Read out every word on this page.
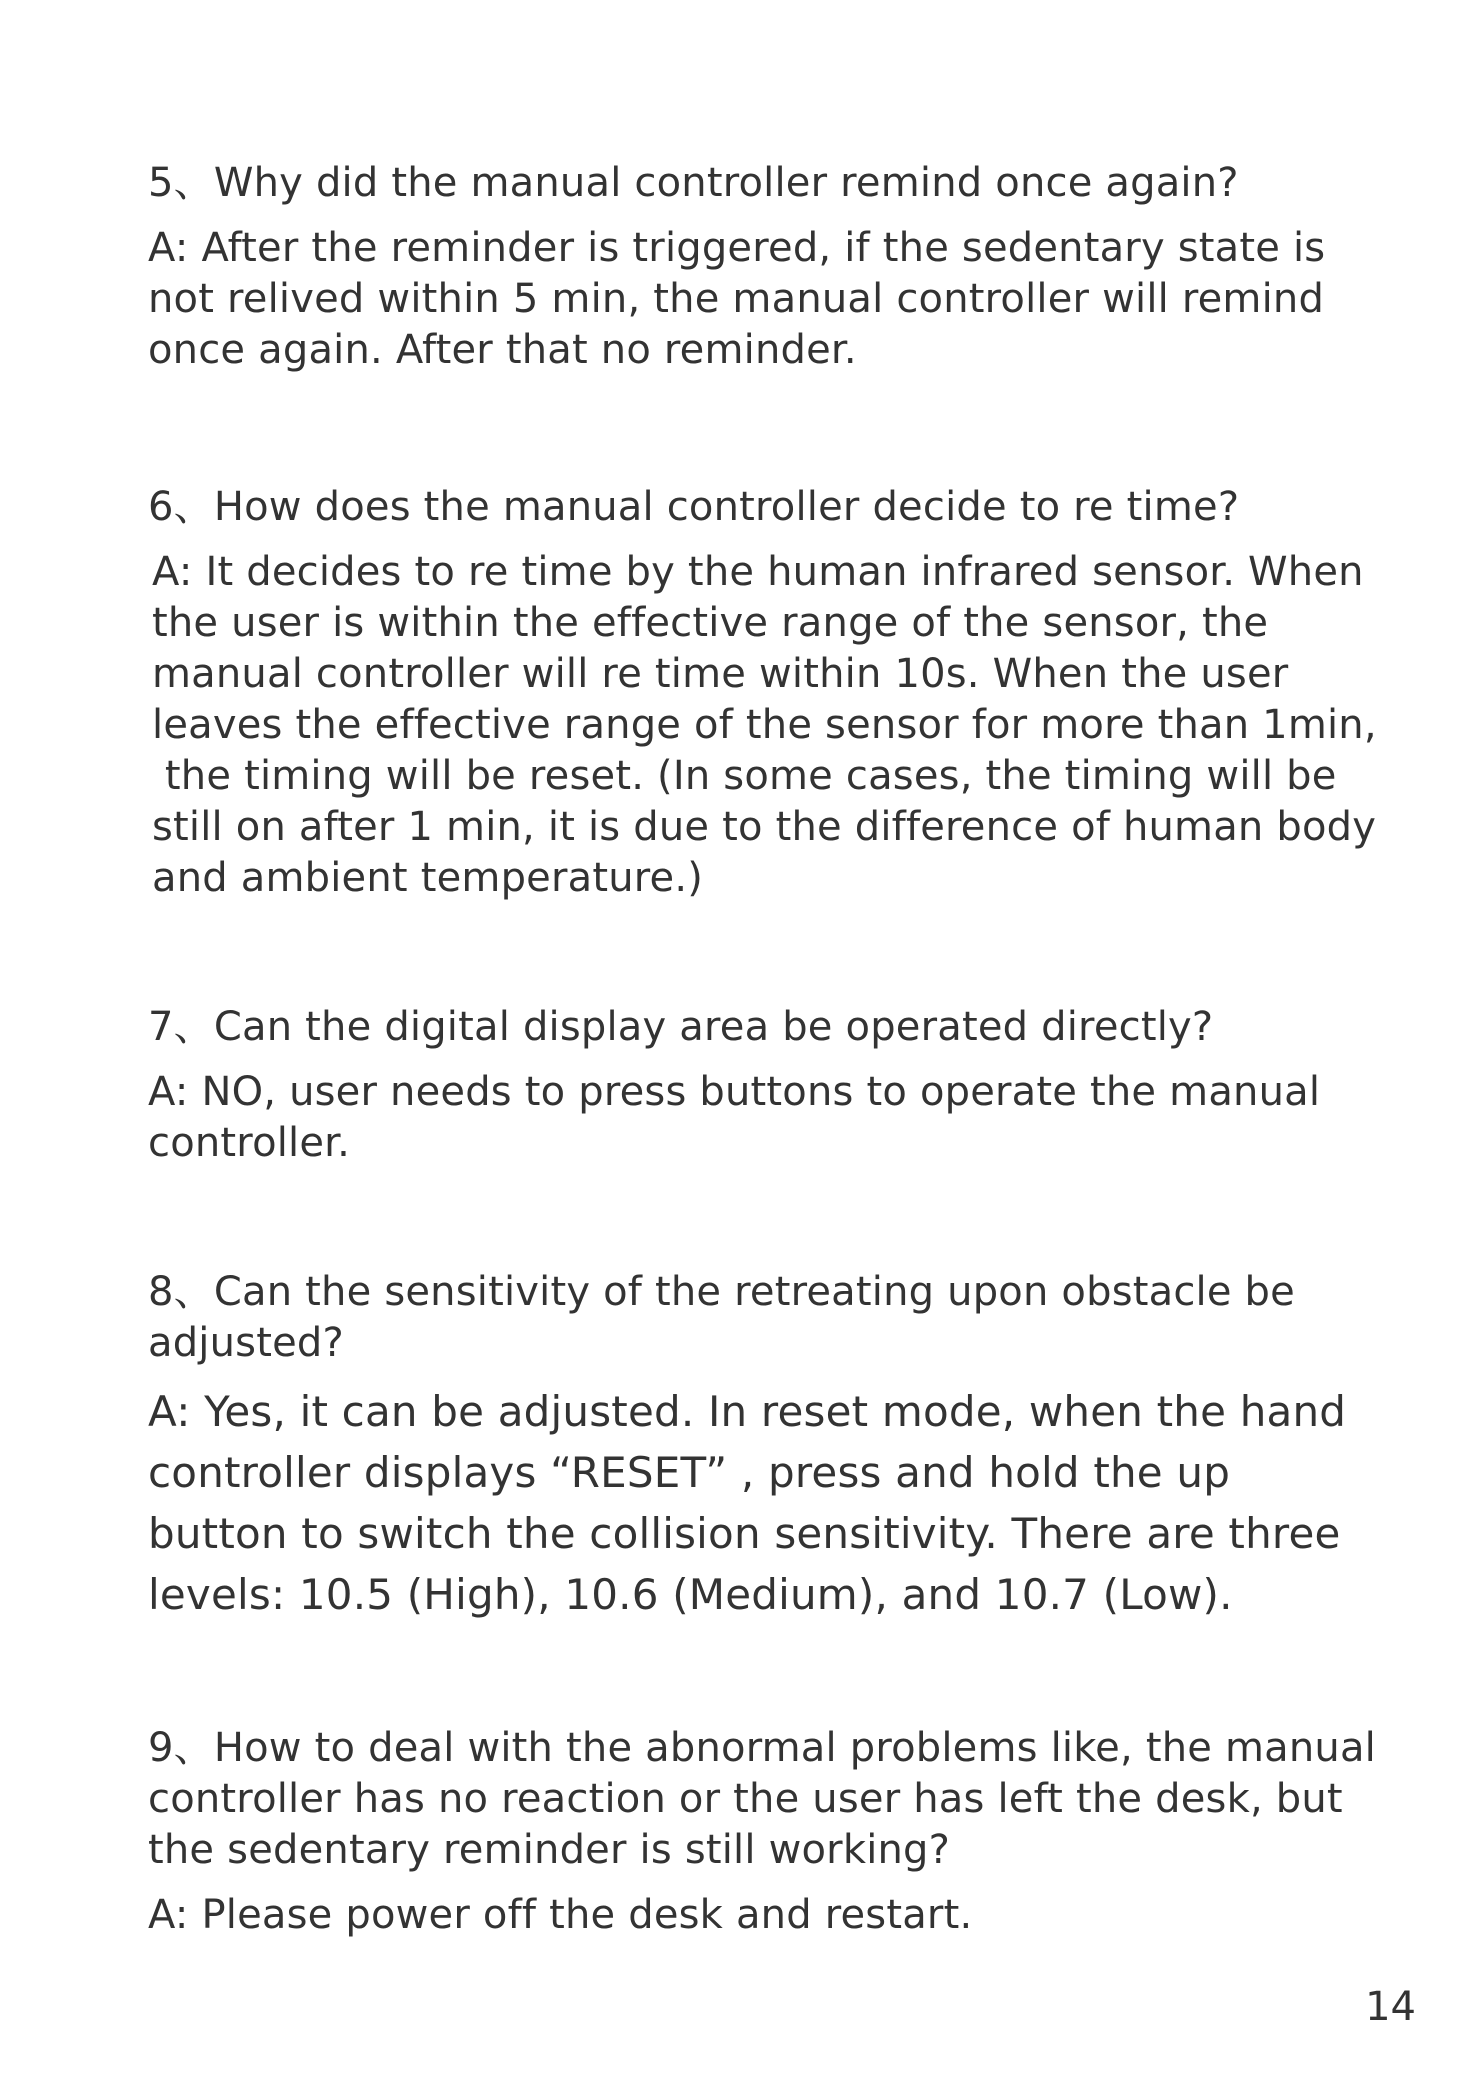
5、Why did the manual controller remind once again?

A: After the reminder is triggered, if the sedentary state is
not relived within 5 min, the manual controller will remind
once again. After that no reminder.

6、How does the manual controller decide to re time?

A: It decides to re time by the human infrared sensor. When
the user is within the effective range of the sensor, the
manual controller will re time within 10s. When the user
leaves the effective range of the sensor for more than 1min,
the timing will be reset. (In some cases, the timing will be
still on after 1 min, it is due to the difference of human body
and ambient temperature.)

7、Can the digital display area be operated directly?

A: NO, user needs to press buttons to operate the manual
controller.

8、Can the sensitivity of the retreating upon obstacle be
adjusted?

A: Yes, it can be adjusted. In reset mode, when the hand
controller displays “RESET” , press and hold the up
button to switch the collision sensitivity. There are three
levels: 10.5 (High), 10.6 (Medium), and 10.7 (Low).

9、How to deal with the abnormal problems like, the manual
controller has no reaction or the user has left the desk, but
the sedentary reminder is still working?

A: Please power off the desk and restart.

14
